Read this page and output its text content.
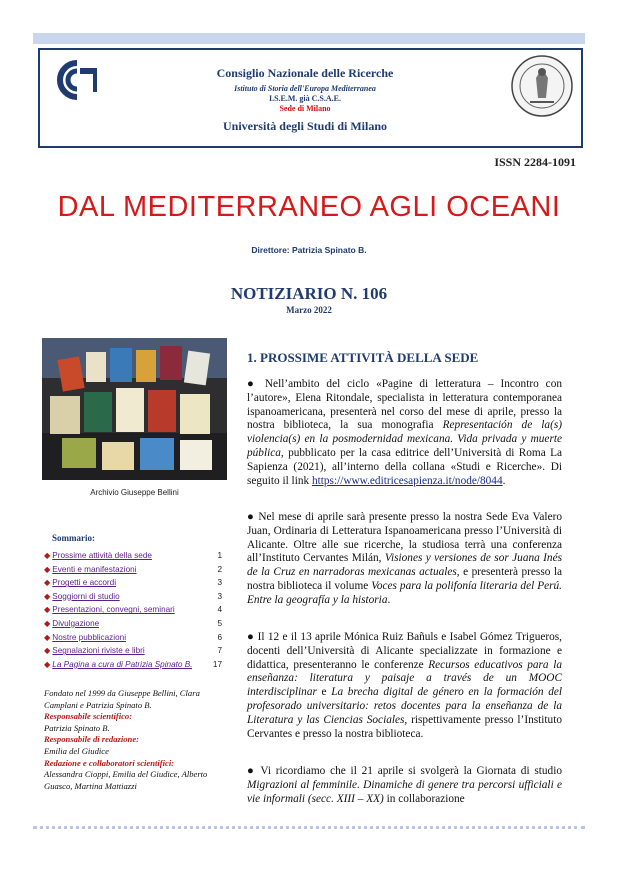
Consiglio Nazionale delle Ricerche
Istituto di Storia dell'Europa Mediterranea
I.S.E.M. già C.S.A.E.
Sede di Milano
Università degli Studi di Milano
ISSN 2284-1091
DAL MEDITERRANEO AGLI OCEANI
Direttore: Patrizia Spinato B.
NOTIZIARIO N. 106
Marzo 2022
Archivio Giuseppe Bellini
Sommario:
◆ Prossime attività della sede	1
◆ Eventi e manifestazioni	2
◆ Progetti e accordi	3
◆ Soggiorni di studio	3
◆ Presentazioni, convegni, seminari	4
◆ Divulgazione	5
◆ Nostre pubblicazioni	6
◆ Segnalazioni riviste e libri	7
◆ La Pagina a cura di Patrizia Spinato B. 17
Fondato nel 1999 da Giuseppe Bellini, Clara Camplani e Patrizia Spinato B.
Responsabile scientifico:
Patrizia Spinato B.
Responsabile di redazione:
Emilia del Giudice
Redazione e collaboratori scientifici:
Alessandra Cioppi, Emilia del Giudice, Alberto Guasco, Martina Mattiazzi
1. PROSSIME ATTIVITÀ DELLA SEDE
● Nell’ambito del ciclo «Pagine di letteratura – Incontro con l’autore», Elena Ritondale, specialista in letteratura contemporanea ispanoamericana, presenterà nel corso del mese di aprile, presso la nostra biblioteca, la sua monografia Representación de la(s) violencia(s) en la posmodernidad mexicana. Vida privada y muerte pública, pubblicato per la casa editrice dell’Università di Roma La Sapienza (2021), all’interno della collana «Studi e Ricerche». Di seguito il link https://www.editricesapienza.it/node/8044.
● Nel mese di aprile sarà presente presso la nostra Sede Eva Valero Juan, Ordinaria di Letteratura Ispanoamericana presso l’Università di Alicante. Oltre alle sue ricerche, la studiosa terrà una conferenza all’Instituto Cervantes Milán, Visiones y versiones de sor Juana Inés de la Cruz en narradoras mexicanas actuales, e presenterà presso la nostra biblioteca il volume Voces para la polifonía literaria del Perú. Entre la geografía y la historia.
● Il 12 e il 13 aprile Mónica Ruiz Bañuls e Isabel Gómez Trigueros, docenti dell’Università di Alicante specializzate in formazione e didattica, presenteranno le conferenze Recursos educativos para la enseñanza: literatura y paisaje a través de un MOOC interdisciplinar e La brecha digital de género en la formación del profesorado universitario: retos docentes para la enseñanza de la Literatura y las Ciencias Sociales, rispettivamente presso l’Instituto Cervantes e presso la nostra biblioteca.
● Vi ricordiamo che il 21 aprile si svolgerà la Giornata di studio Migrazioni al femminile. Dinamiche di genere tra percorsi ufficiali e vie informali (secc. XIII – XX) in collaborazione
